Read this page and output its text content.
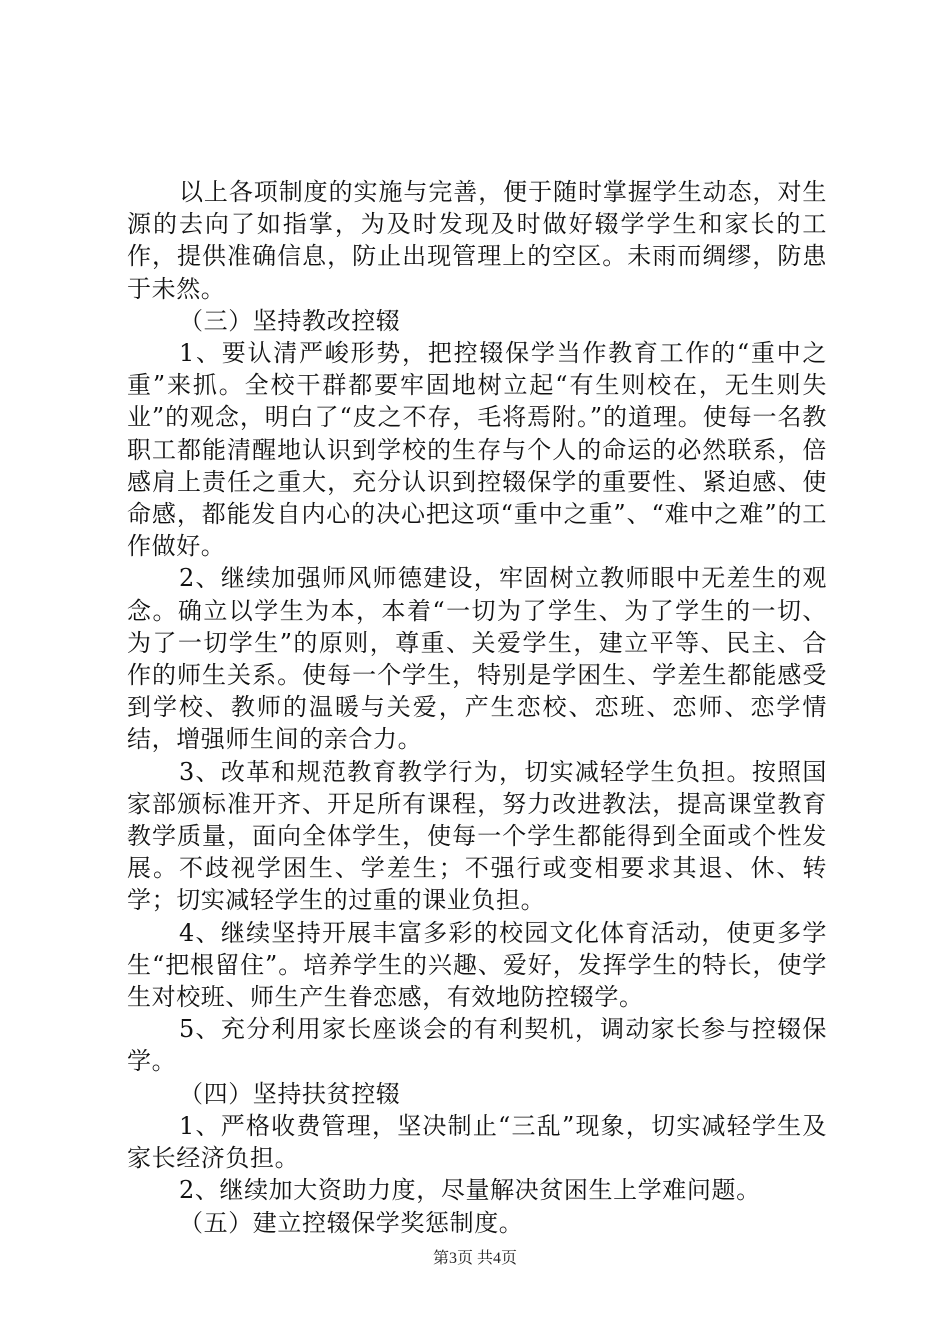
以上各项制度的实施与完善，便于随时掌握学生动态，对生源的去向了如指掌，为及时发现及时做好辍学学生和家长的工作，提供准确信息，防止出现管理上的空区。未雨而绸缪，防患于未然。

（三）坚持教改控辍

1、要认清严峻形势，把控辍保学当作教育工作的“重中之重”来抓。全校干群都要牢固地树立起“有生则校在，无生则失业”的观念，明白了“皮之不存，毛将焉附。”的道理。使每一名教职工都能清醒地认识到学校的生存与个人的命运的必然联系，倍感肩上责任之重大，充分认识到控辍保学的重要性、紧迫感、使命感，都能发自内心的决心把这项“重中之重”、“难中之难”的工作做好。

2、继续加强师风师德建设，牢固树立教师眼中无差生的观念。确立以学生为本，本着“一切为了学生、为了学生的一切、为了一切学生”的原则，尊重、关爱学生，建立平等、民主、合作的师生关系。使每一个学生，特别是学困生、学差生都能感受到学校、教师的温暖与关爱，产生恋校、恋班、恋师、恋学情结，增强师生间的亲合力。

3、改革和规范教育教学行为，切实减轻学生负担。按照国家部颁标准开齐、开足所有课程，努力改进教法，提高课堂教育教学质量，面向全体学生，使每一个学生都能得到全面或个性发展。不歧视学困生、学差生；不强行或变相要求其退、休、转学；切实减轻学生的过重的课业负担。

4、继续坚持开展丰富多彩的校园文化体育活动，使更多学生“把根留住”。培养学生的兴趣、爱好，发挥学生的特长，使学生对校班、师生产生眷恋感，有效地防控辍学。

5、充分利用家长座谈会的有利契机，调动家长参与控辍保学。

（四）坚持扶贫控辍

1、严格收费管理，坚决制止“三乱”现象，切实减轻学生及家长经济负担。

2、继续加大资助力度，尽量解决贫困生上学难问题。

（五）建立控辍保学奖惩制度。

第3页 共4页
